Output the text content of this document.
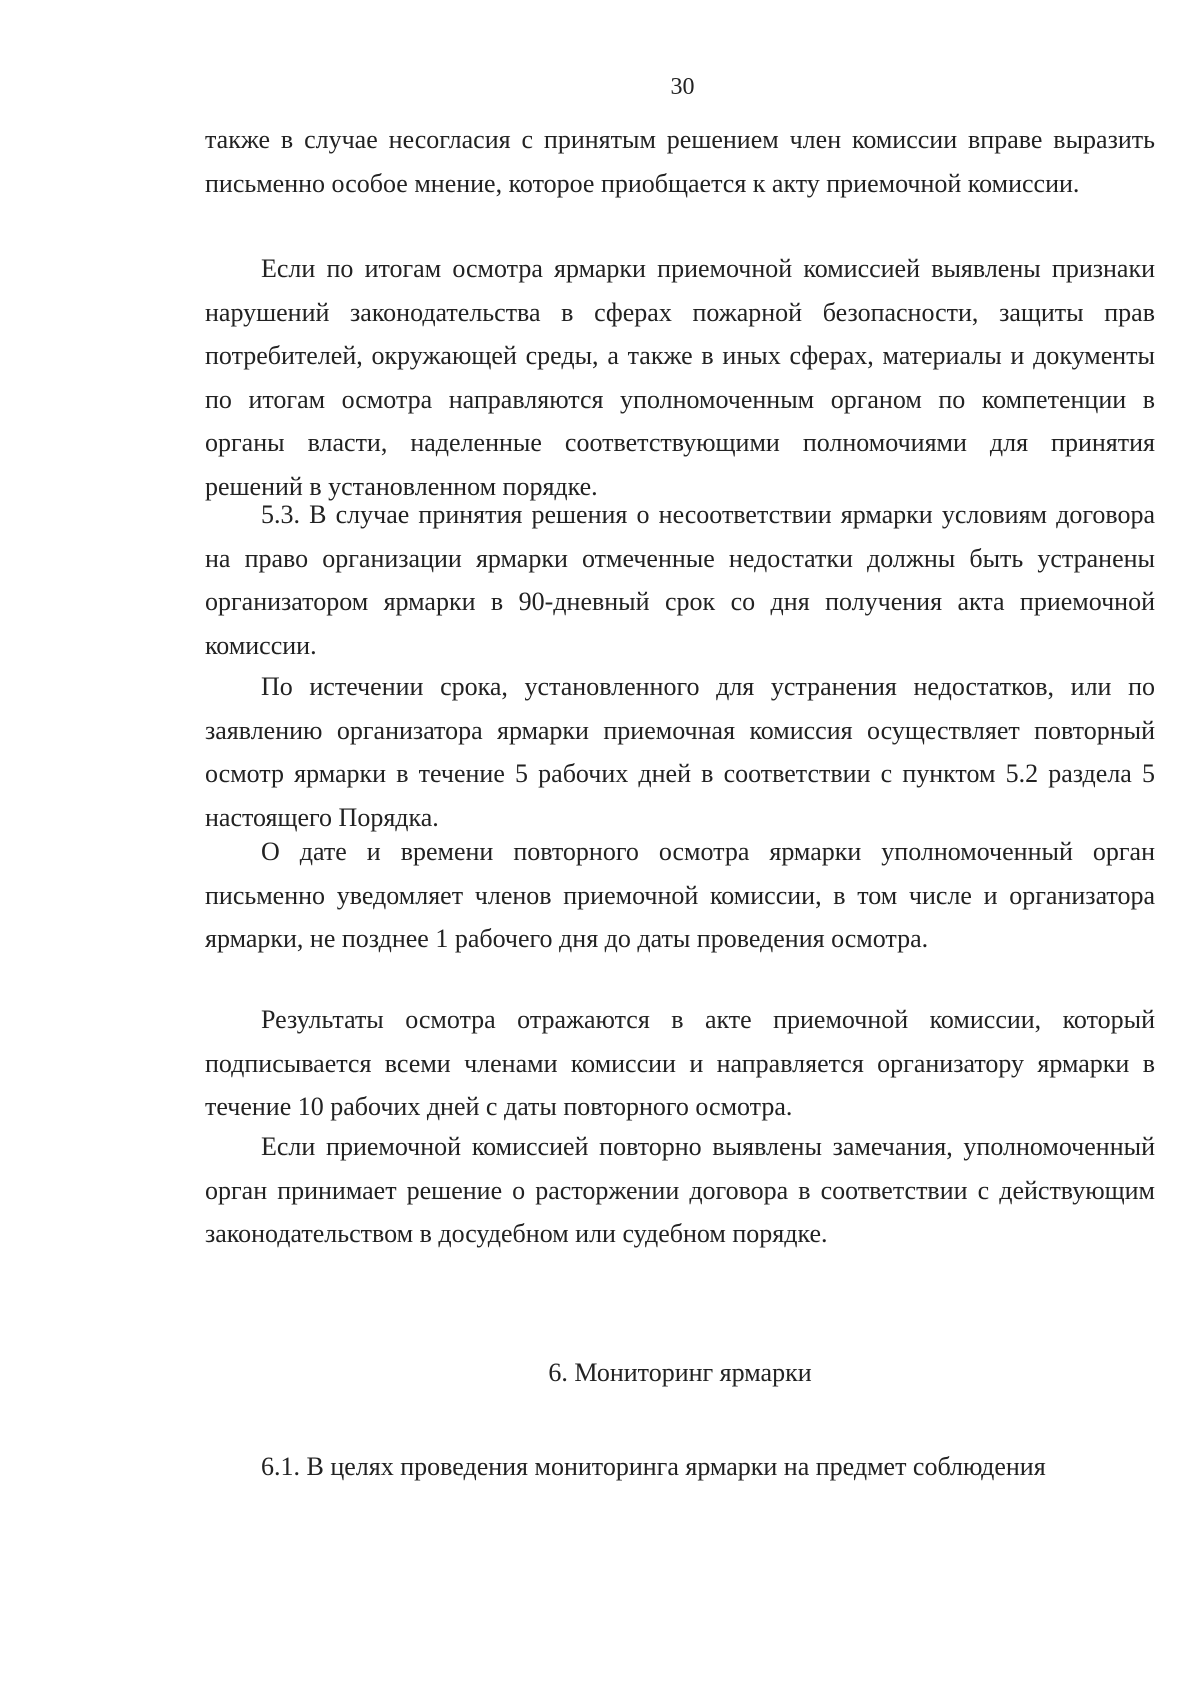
30

также в случае несогласия с принятым решением член комиссии вправе выразить письменно особое мнение, которое приобщается к акту приемочной комиссии.

Если по итогам осмотра ярмарки приемочной комиссией выявлены признаки нарушений законодательства в сферах пожарной безопасности, защиты прав потребителей, окружающей среды, а также в иных сферах, материалы и документы по итогам осмотра направляются уполномоченным органом по компетенции в органы власти, наделенные соответствующими полномочиями для принятия решений в установленном порядке.

5.3. В случае принятия решения о несоответствии ярмарки условиям договора на право организации ярмарки отмеченные недостатки должны быть устранены организатором ярмарки в 90-дневный срок со дня получения акта приемочной комиссии.

По истечении срока, установленного для устранения недостатков, или по заявлению организатора ярмарки приемочная комиссия осуществляет повторный осмотр ярмарки в течение 5 рабочих дней в соответствии с пунктом 5.2 раздела 5 настоящего Порядка.

О дате и времени повторного осмотра ярмарки уполномоченный орган письменно уведомляет членов приемочной комиссии, в том числе и организатора ярмарки, не позднее 1 рабочего дня до даты проведения осмотра.

Результаты осмотра отражаются в акте приемочной комиссии, который подписывается всеми членами комиссии и направляется организатору ярмарки в течение 10 рабочих дней с даты повторного осмотра.

Если приемочной комиссией повторно выявлены замечания, уполномоченный орган принимает решение о расторжении договора в соответствии с действующим законодательством в досудебном или судебном порядке.

6. Мониторинг ярмарки
6.1. В целях проведения мониторинга ярмарки на предмет соблюдения
